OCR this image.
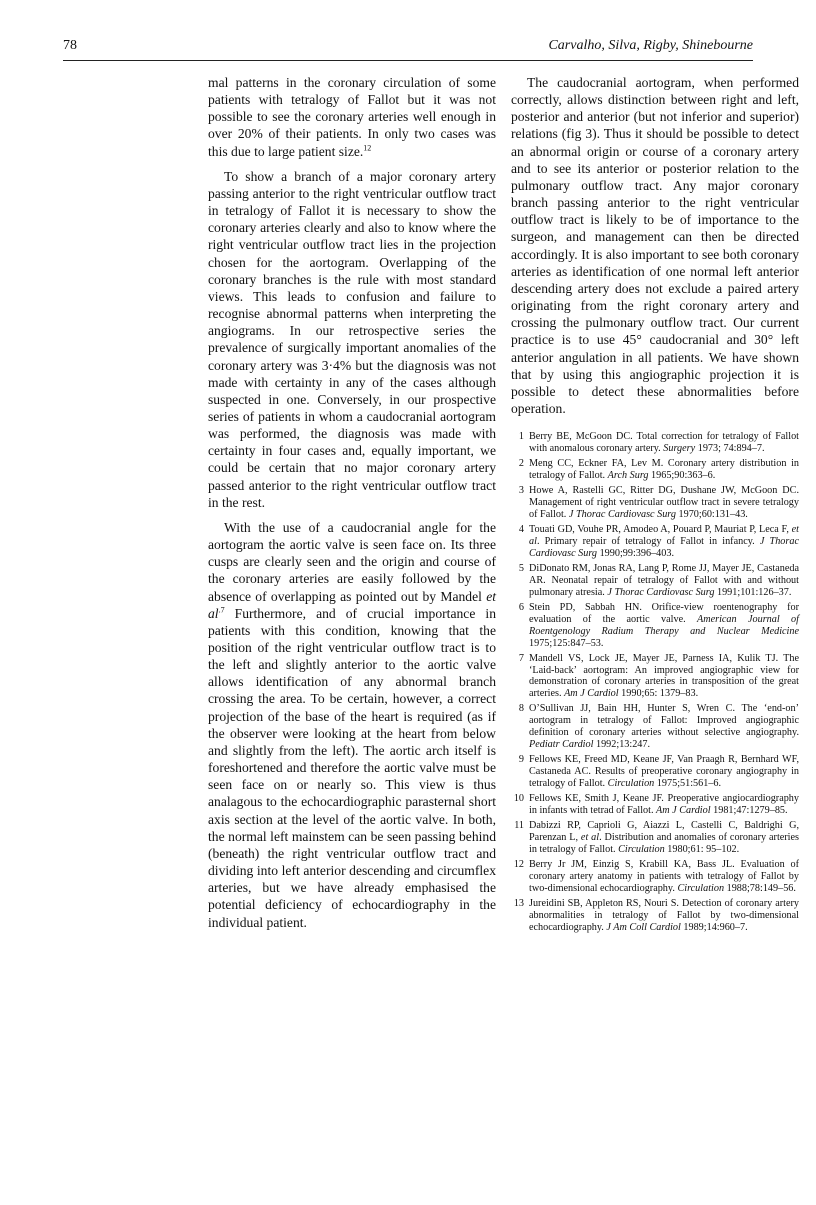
78	Carvalho, Silva, Rigby, Shinebourne

mal patterns in the coronary circulation of some patients with tetralogy of Fallot but it was not possible to see the coronary arteries well enough in over 20% of their patients. In only two cases was this due to large patient size.$^{12}$

To show a branch of a major coronary artery passing anterior to the right ventricular outflow tract in tetralogy of Fallot it is necessary to show the coronary arteries clearly and also to know where the right ventricular outflow tract lies in the projection chosen for the aortogram. Overlapping of the coronary branches is the rule with most standard views. This leads to confusion and failure to recognise abnormal patterns when interpreting the angiograms. In our retrospective series the prevalence of surgically important anomalies of the coronary artery was 3·4% but the diagnosis was not made with certainty in any of the cases although suspected in one. Conversely, in our prospective series of patients in whom a caudocranial aortogram was performed, the diagnosis was made with certainty in four cases and, equally important, we could be certain that no major coronary artery passed anterior to the right ventricular outflow tract in the rest.

With the use of a caudocranial angle for the aortogram the aortic valve is seen face on. Its three cusps are clearly seen and the origin and course of the coronary arteries are easily followed by the absence of overlapping as pointed out by Mandel et $al^{.7}$ Furthermore, and of crucial importance in patients with this condition, knowing that the position of the right ventricular outflow tract is to the left and slightly anterior to the aortic valve allows identification of any abnormal branch crossing the area. To be certain, however, a correct projection of the base of the heart is required (as if the observer were looking at the heart from below and slightly from the left). The aortic arch itself is foreshortened and therefore the aortic valve must be seen face on or nearly so. This view is thus analagous to the echocardiographic parasternal short axis section at the level of the aortic valve. In both, the normal left mainstem can be seen passing behind (beneath) the right ventricular outflow tract and dividing into left anterior descending and circumflex arteries, but we have already emphasised the potential deficiency of echocardiography in the individual patient.

The caudocranial aortogram, when performed correctly, allows distinction between right and left, posterior and anterior (but not inferior and superior) relations (fig 3). Thus it should be possible to detect an abnormal origin or course of a coronary artery and to see its anterior or posterior relation to the pulmonary outflow tract. Any major coronary branch passing anterior to the right ventricular outflow tract is likely to be of importance to the surgeon, and management can then be directed accordingly. It is also important to see both coronary arteries as identification of one normal left anterior descending artery does not exclude a paired artery originating from the right coronary artery and crossing the pulmonary outflow tract. Our current practice is to use 45° caudocranial and 30° left anterior angulation in all patients. We have shown that by using this angiographic projection it is possible to detect these abnormalities before operation.

1 Berry BE, McGoon DC. Total correction for tetralogy of Fallot with anomalous coronary artery. Surgery 1973; 74:894–7.
2 Meng CC, Eckner FA, Lev M. Coronary artery distribution in tetralogy of Fallot. Arch Surg 1965;90:363–6.
3 Howe A, Rastelli GC, Ritter DG, Dushane JW, McGoon DC. Management of right ventricular outflow tract in severe tetralogy of Fallot. J Thorac Cardiovasc Surg 1970;60:131–43.
4 Touati GD, Vouhe PR, Amodeo A, Pouard P, Mauriat P, Leca F, et al. Primary repair of tetralogy of Fallot in infancy. J Thorac Cardiovasc Surg 1990;99:396–403.
5 DiDonato RM, Jonas RA, Lang P, Rome JJ, Mayer JE, Castaneda AR. Neonatal repair of tetralogy of Fallot with and without pulmonary atresia. J Thorac Cardiovasc Surg 1991;101:126–37.
6 Stein PD, Sabbah HN. Orifice-view roentenography for evaluation of the aortic valve. American Journal of Roentgenology Radium Therapy and Nuclear Medicine 1975;125:847–53.
7 Mandell VS, Lock JE, Mayer JE, Parness IA, Kulik TJ. The ‘Laid-back’ aortogram: An improved angiographic view for demonstration of coronary arteries in transposition of the great arteries. Am J Cardiol 1990;65: 1379–83.
8 O’Sullivan JJ, Bain HH, Hunter S, Wren C. The ‘end-on’ aortogram in tetralogy of Fallot: Improved angiographic definition of coronary arteries without selective angiography. Pediatr Cardiol 1992;13:247.
9 Fellows KE, Freed MD, Keane JF, Van Praagh R, Bernhard WF, Castaneda AC. Results of preoperative coronary angiography in tetralogy of Fallot. Circulation 1975;51:561–6.
10 Fellows KE, Smith J, Keane JF. Preoperative angiocardiography in infants with tetrad of Fallot. Am J Cardiol 1981;47:1279–85.
11 Dabizzi RP, Caprioli G, Aiazzi L, Castelli C, Baldrighi G, Parenzan L, et al. Distribution and anomalies of coronary arteries in tetralogy of Fallot. Circulation 1980;61: 95–102.
12 Berry Jr JM, Einzig S, Krabill KA, Bass JL. Evaluation of coronary artery anatomy in patients with tetralogy of Fallot by two-dimensional echocardiography. Circulation 1988;78:149–56.
13 Jureidini SB, Appleton RS, Nouri S. Detection of coronary artery abnormalities in tetralogy of Fallot by two-dimensional echocardiography. J Am Coll Cardiol 1989;14:960–7.
